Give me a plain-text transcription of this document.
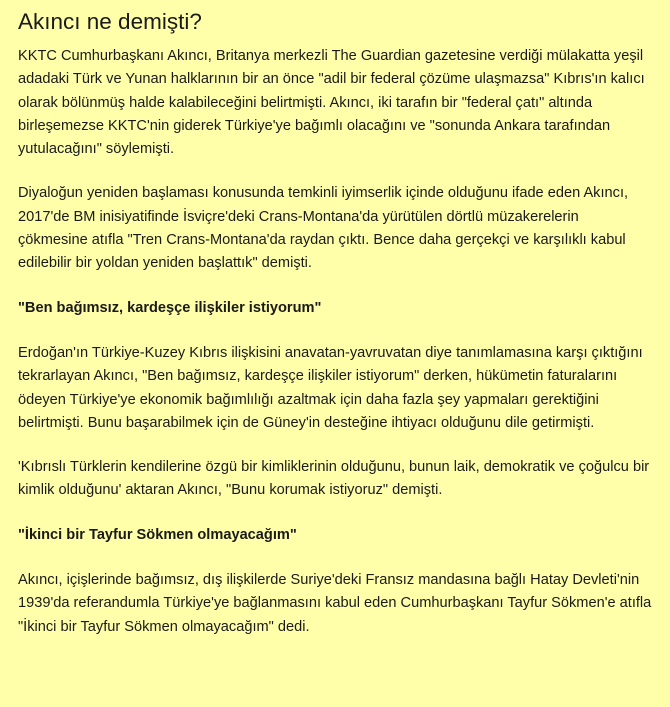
Akıncı ne demişti?

KKTC Cumhurbaşkanı Akıncı, Britanya merkezli The Guardian gazetesine verdiği mülakatta yeşil adadaki Türk ve Yunan halklarının bir an önce "adil bir federal çözüme ulaşmazsa" Kıbrıs'ın kalıcı olarak bölünmüş halde kalabileceğini belirtmişti. Akıncı, iki tarafın bir "federal çatı" altında birleşemezse KKTC'nin giderek Türkiye'ye bağımlı olacağını ve "sonunda Ankara tarafından yutulacağını" söylemişti.

Diyaloğun yeniden başlaması konusunda temkinli iyimserlik içinde olduğunu ifade eden Akıncı, 2017'de BM inisiyatifinde İsviçre'deki Crans-Montana'da yürütülen dörtlü müzakerelerin çökmesine atıfla "Tren Crans-Montana'da raydan çıktı. Bence daha gerçekçi ve karşılıklı kabul edilebilir bir yoldan yeniden başlattık" demişti.

"Ben bağımsız, kardeşçe ilişkiler istiyorum"

Erdoğan'ın Türkiye-Kuzey Kıbrıs ilişkisini anavatan-yavruvatan diye tanımlamasına karşı çıktığını tekrarlayan Akıncı, "Ben bağımsız, kardeşçe ilişkiler istiyorum" derken, hükümetin faturalarını ödeyen Türkiye'ye ekonomik bağımlılığı azaltmak için daha fazla şey yapmaları gerektiğini belirtmişti. Bunu başarabilmek için de Güney'in desteğine ihtiyacı olduğunu dile getirmişti.

'Kıbrıslı Türklerin kendilerine özgü bir kimliklerinin olduğunu, bunun laik, demokratik ve çoğulcu bir kimlik olduğunu' aktaran Akıncı, "Bunu korumak istiyoruz" demişti.

"İkinci bir Tayfur Sökmen olmayacağım"

Akıncı, içişlerinde bağımsız, dış ilişkilerde Suriye'deki Fransız mandasına bağlı Hatay Devleti'nin 1939'da referandumla Türkiye'ye bağlanmasını kabul eden Cumhurbaşkanı Tayfur Sökmen'e atıfla "İkinci bir Tayfur Sökmen olmayacağım" dedi.
